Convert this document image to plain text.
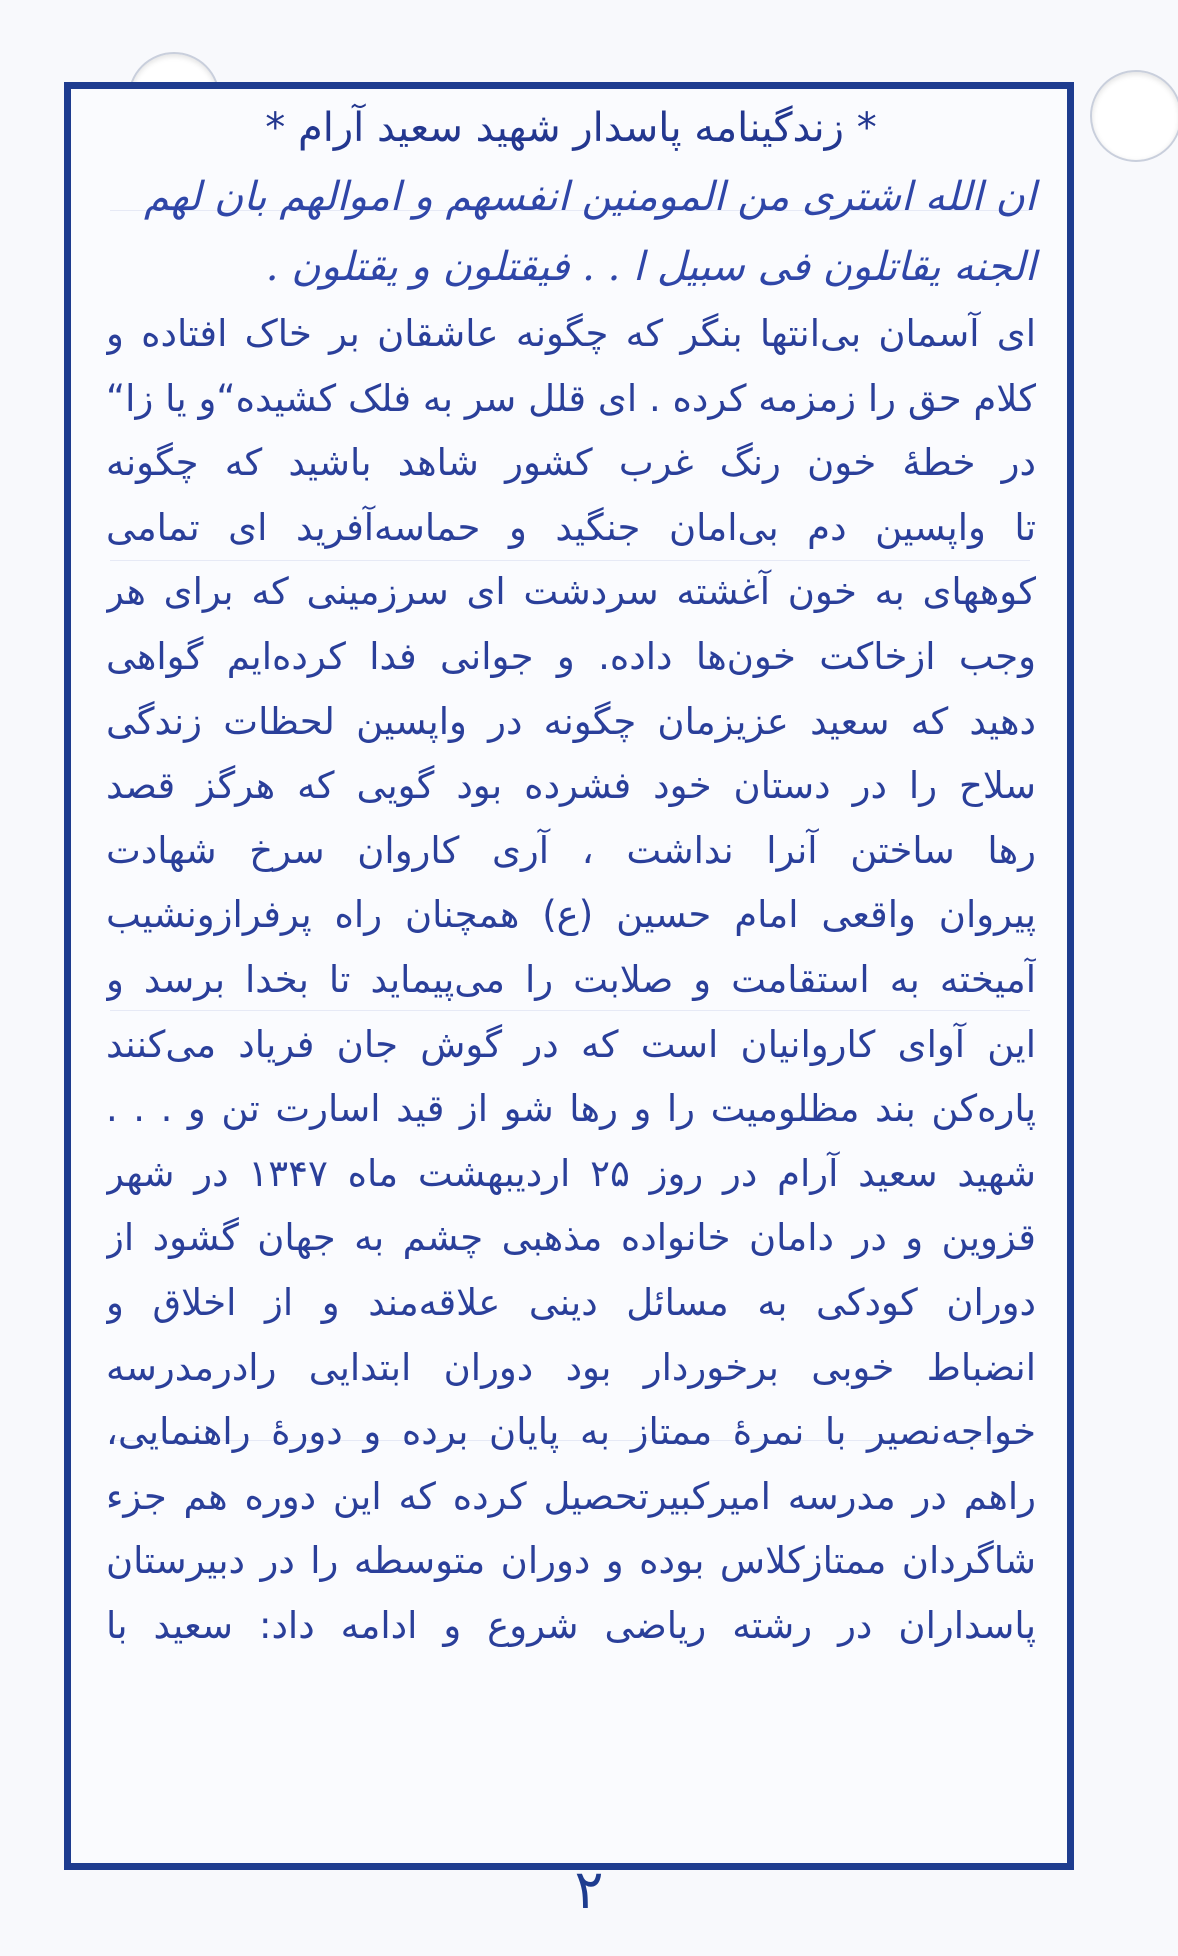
* زندگینامه پاسدار شهید سعید آرام *
ان الله اشتری من المومنین انفسهم و اموالهم بان لهم
الجنه یقاتلون فی سبیل ا . . فیقتلون و یقتلون .
ای آسمان بی‌انتها بنگر که چگونه عاشقان بر خاک افتاده و
کلام حق را زمزمه کرده . ای قلل سر به فلک کشیده“و یا زا“
در خطهٔ خون رنگ غرب کشور شاهد باشید که چگونه
تا واپسین دم بی‌امان جنگید و حماسه‌آفرید ای تمامی
کوههای به خون آغشته سردشت ای سرزمینی که برای هر
وجب ازخاکت خون‌ها داده. و جوانی فدا کرده‌ایم گواهی
دهید که سعید عزیزمان چگونه در واپسین لحظات زندگی
سلاح را در دستان خود فشرده بود گویی که هرگز قصد
رها ساختن آنرا نداشت ، آری کاروان سرخ شهادت
پیروان واقعی امام حسین (ع) همچنان راه پرفرازونشیب
آمیخته به استقامت و صلابت را می‌پیماید تا بخدا برسد و
این آوای کاروانیان است که در گوش جان فریاد می‌کنند
پاره‌کن بند مظلومیت را و رها شو از قید اسارت تن و . . .
شهید سعید آرام در روز ۲۵ اردیبهشت ماه ۱۳۴۷ در شهر
قزوین و در دامان خانواده مذهبی چشم به جهان گشود از
دوران کودکی به مسائل دینی علاقه‌مند و از اخلاق و
انضباط خوبی برخوردار بود دوران ابتدایی رادرمدرسه
خواجه‌نصیر با نمرهٔ ممتاز به پایان برده و دورهٔ راهنمایی،
راهم در مدرسه امیرکبیرتحصیل کرده که این دوره هم جزء
شاگردان ممتازکلاس بوده و دوران متوسطه را در دبیرستان
پاسداران در رشته ریاضی شروع و ادامه داد: سعید با
۲
